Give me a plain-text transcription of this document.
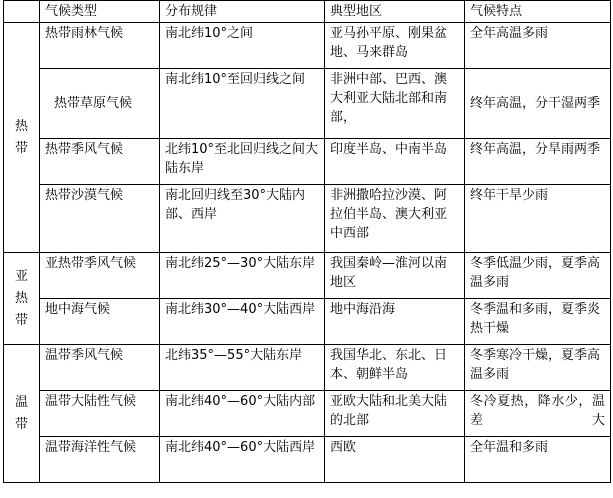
	气候类型	分布规律	典型地区	气候特点

热
带	热带雨林气候	南北纬10°之间	亚马孙平原、刚果盆地、马来群岛	全年高温多雨
	热带草原气候	南北纬10°至回归线之间	非洲中部、巴西、澳大利亚大陆北部和南部，	终年高温，分干湿两季
	热带季风气候	北纬10°至北回归线之间大陆东岸	印度半岛、中南半岛	终年高温，分旱雨两季
	热带沙漠气候	南北回归线至30°大陆内部、西岸	非洲撒哈拉沙漠、阿拉伯半岛、澳大利亚中西部	终年干旱少雨

亚
热
带	亚热带季风气候	南北纬25°—30°大陆东岸	我国秦岭—淮河以南地区	冬季低温少雨，夏季高温多雨
	地中海气候	南北纬30°—40°大陆西岸	地中海沿海	冬季温和多雨，夏季炎热干燥

温
带	温带季风气候	北纬35°—55°大陆东岸	我国华北、东北、日本、朝鲜半岛	冬季寒冷干燥，夏季高温多雨
	温带大陆性气候	南北纬40°—60°大陆内部	亚欧大陆和北美大陆的北部	冬冷夏热，降水少，温差大
	温带海洋性气候	南北纬40°—60°大陆西岸	西欧	全年温和多雨
